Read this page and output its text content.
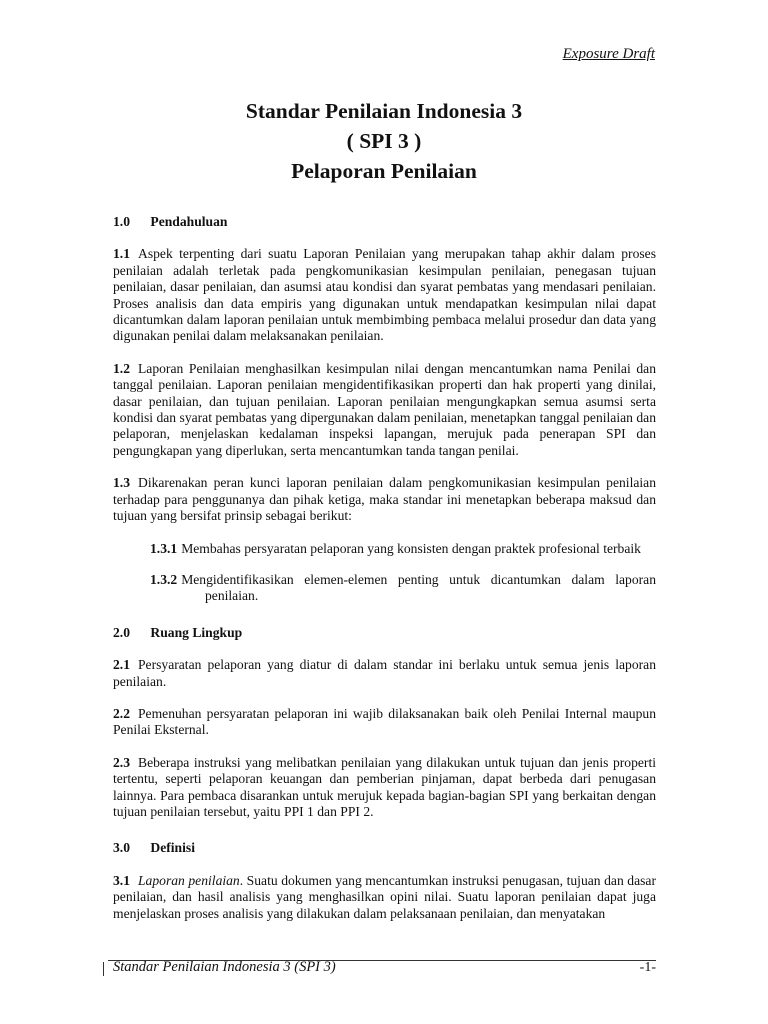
Exposure Draft
Standar Penilaian Indonesia 3
( SPI 3 )
Pelaporan Penilaian
1.0 Pendahuluan
1.1 Aspek terpenting dari suatu Laporan Penilaian yang merupakan tahap akhir dalam proses penilaian adalah terletak pada pengkomunikasian kesimpulan penilaian, penegasan tujuan penilaian, dasar penilaian, dan asumsi atau kondisi dan syarat pembatas yang mendasari penilaian. Proses analisis dan data empiris yang digunakan untuk mendapatkan kesimpulan nilai dapat dicantumkan dalam laporan penilaian untuk membimbing pembaca melalui prosedur dan data yang digunakan penilai dalam melaksanakan penilaian.
1.2 Laporan Penilaian menghasilkan kesimpulan nilai dengan mencantumkan nama Penilai dan tanggal penilaian. Laporan penilaian mengidentifikasikan properti dan hak properti yang dinilai, dasar penilaian, dan tujuan penilaian. Laporan penilaian mengungkapkan semua asumsi serta kondisi dan syarat pembatas yang dipergunakan dalam penilaian, menetapkan tanggal penilaian dan pelaporan, menjelaskan kedalaman inspeksi lapangan, merujuk pada penerapan SPI dan pengungkapan yang diperlukan, serta mencantumkan tanda tangan penilai.
1.3 Dikarenakan peran kunci laporan penilaian dalam pengkomunikasian kesimpulan penilaian terhadap para penggunanya dan pihak ketiga, maka standar ini menetapkan beberapa maksud dan tujuan yang bersifat prinsip sebagai berikut:
1.3.1 Membahas persyaratan pelaporan yang konsisten dengan praktek profesional terbaik
1.3.2 Mengidentifikasikan elemen-elemen penting untuk dicantumkan dalam laporan penilaian.
2.0 Ruang Lingkup
2.1 Persyaratan pelaporan yang diatur di dalam standar ini berlaku untuk semua jenis laporan penilaian.
2.2 Pemenuhan persyaratan pelaporan ini wajib dilaksanakan baik oleh Penilai Internal maupun Penilai Eksternal.
2.3 Beberapa instruksi yang melibatkan penilaian yang dilakukan untuk tujuan dan jenis properti tertentu, seperti pelaporan keuangan dan pemberian pinjaman, dapat berbeda dari penugasan lainnya. Para pembaca disarankan untuk merujuk kepada bagian-bagian SPI yang berkaitan dengan tujuan penilaian tersebut, yaitu PPI 1 dan PPI 2.
3.0 Definisi
3.1 Laporan penilaian. Suatu dokumen yang mencantumkan instruksi penugasan, tujuan dan dasar penilaian, dan hasil analisis yang menghasilkan opini nilai. Suatu laporan penilaian dapat juga menjelaskan proses analisis yang dilakukan dalam pelaksanaan penilaian, dan menyatakan
Standar Penilaian Indonesia 3 (SPI 3)	-1-
